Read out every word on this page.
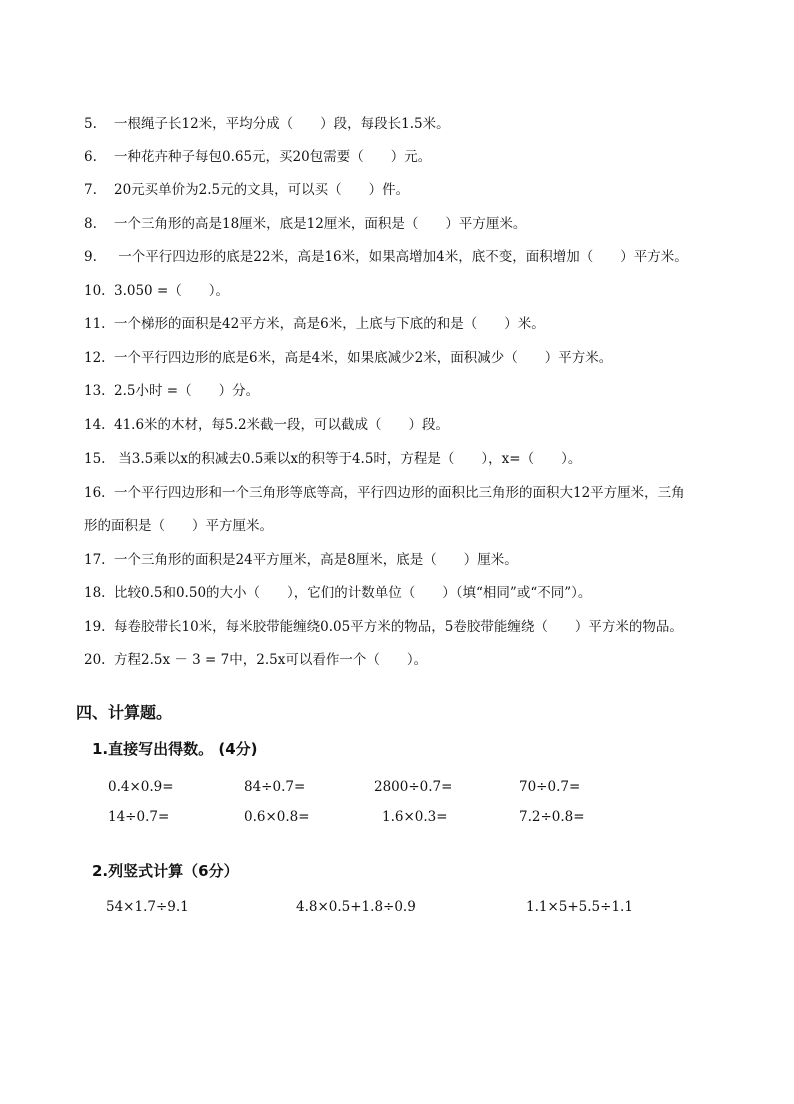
5. 一根绳子长12米，平均分成（　　）段，每段长1.5米。
6. 一种花卉种子每包0.65元，买20包需要（　　）元。
7. 20元买单价为2.5元的文具，可以买（　　）件。
8. 一个三角形的高是18厘米，底是12厘米，面积是（　　）平方厘米。
9. 一个平行四边形的底是22米，高是16米，如果高增加4米，底不变，面积增加（　　）平方米。
10. 3.050 =（　　）。
11. 一个梯形的面积是42平方米，高是6米，上底与下底的和是（　　）米。
12. 一个平行四边形的底是6米，高是4米，如果底减少2米，面积减少（　　）平方米。
13. 2.5小时 =（　　）分。
14. 41.6米的木材，每5.2米截一段，可以截成（　　）段。
15. 当3.5乘以x的积减去0.5乘以x的积等于4.5时，方程是（　　），x=（　　）。
16. 一个平行四边形和一个三角形等底等高，平行四边形的面积比三角形的面积大12平方厘米，三角
形的面积是（　　）平方厘米。
17. 一个三角形的面积是24平方厘米，高是8厘米，底是（　　）厘米。
18. 比较0.5和0.50的大小（　　），它们的计数单位（　　）（填“相同”或“不同”）。
19. 每卷胶带长10米，每米胶带能缠绕0.05平方米的物品，5卷胶带能缠绕（　　）平方米的物品。
20. 方程2.5x － 3 = 7中，2.5x可以看作一个（　　）。
四、计算题。
1.直接写出得数。 (4分)
0.4×0.9=	84÷0.7=	2800÷0.7=	70÷0.7=
14÷0.7=	0.6×0.8=	1.6×0.3=	7.2÷0.8=
2.列竖式计算（6分）
54×1.7÷9.1	4.8×0.5+1.8÷0.9	1.1×5+5.5÷1.1
